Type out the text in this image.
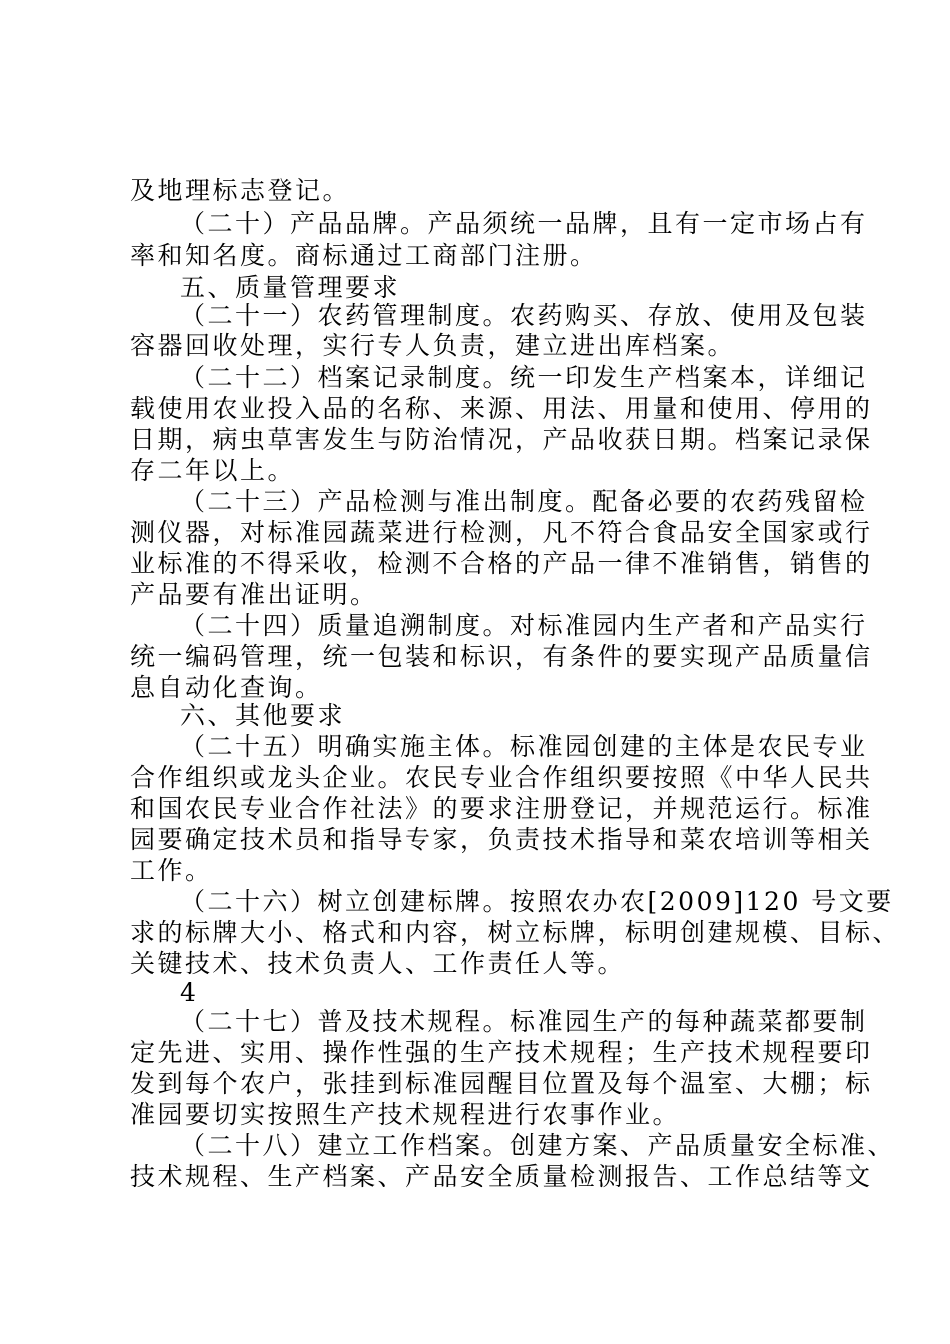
及地理标志登记。
（二十）产品品牌。产品须统一品牌，且有一定市场占有
率和知名度。商标通过工商部门注册。
五、质量管理要求
（二十一）农药管理制度。农药购买、存放、使用及包装
容器回收处理，实行专人负责，建立进出库档案。
（二十二）档案记录制度。统一印发生产档案本，详细记
载使用农业投入品的名称、来源、用法、用量和使用、停用的
日期，病虫草害发生与防治情况，产品收获日期。档案记录保
存二年以上。
（二十三）产品检测与准出制度。配备必要的农药残留检
测仪器，对标准园蔬菜进行检测，凡不符合食品安全国家或行
业标准的不得采收，检测不合格的产品一律不准销售，销售的
产品要有准出证明。
（二十四）质量追溯制度。对标准园内生产者和产品实行
统一编码管理，统一包装和标识，有条件的要实现产品质量信
息自动化查询。
六、其他要求
（二十五）明确实施主体。标准园创建的主体是农民专业
合作组织或龙头企业。农民专业合作组织要按照《中华人民共
和国农民专业合作社法》的要求注册登记，并规范运行。标准
园要确定技术员和指导专家，负责技术指导和菜农培训等相关
工作。
（二十六）树立创建标牌。按照农办农[2009]120 号文要
求的标牌大小、格式和内容，树立标牌，标明创建规模、目标、
关键技术、技术负责人、工作责任人等。
4
（二十七）普及技术规程。标准园生产的每种蔬菜都要制
定先进、实用、操作性强的生产技术规程；生产技术规程要印
发到每个农户，张挂到标准园醒目位置及每个温室、大棚；标
准园要切实按照生产技术规程进行农事作业。
（二十八）建立工作档案。创建方案、产品质量安全标准、
技术规程、生产档案、产品安全质量检测报告、工作总结等文
